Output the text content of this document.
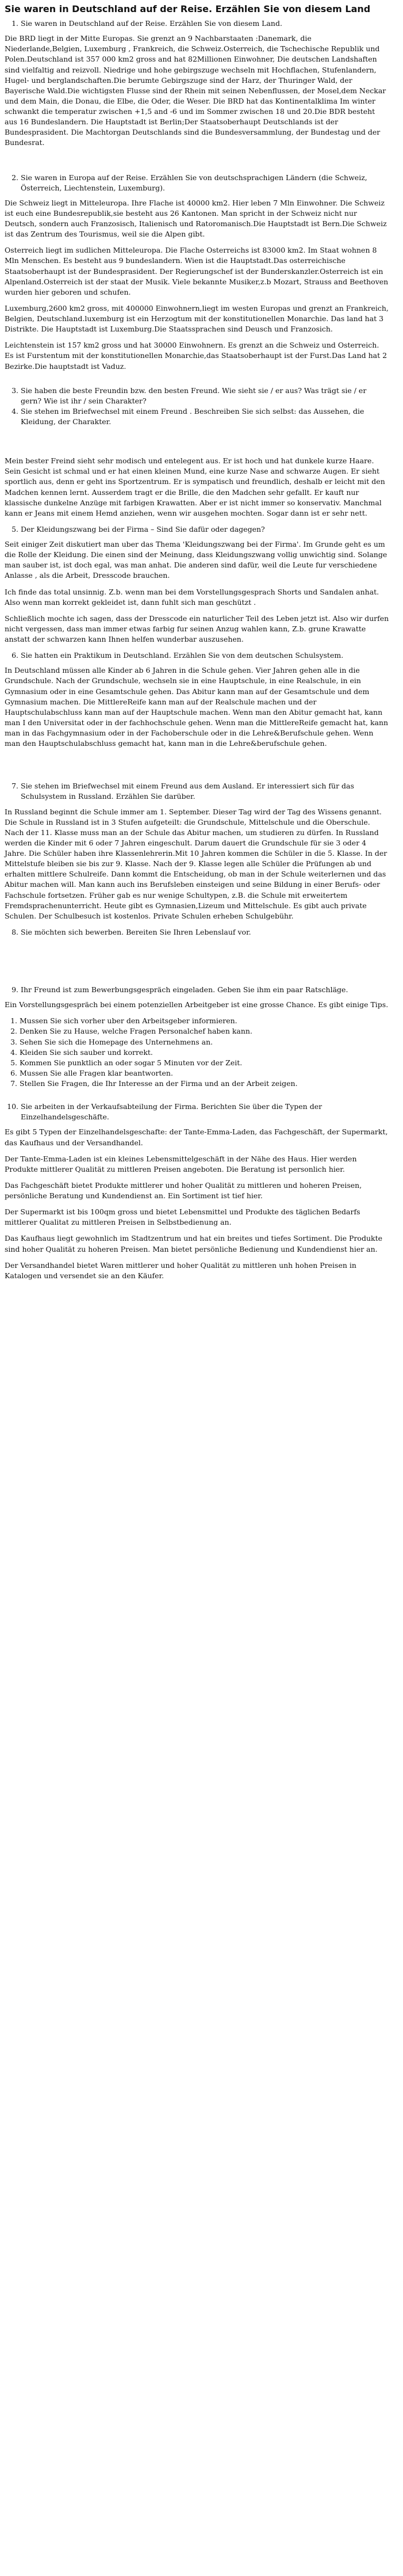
Sie waren in Deutschland auf der Reise. Erzählen Sie von diesem Land
1. Sie waren in Deutschland auf der Reise. Erzählen Sie von diesem Land.

Die BRD liegt in der Mitte Europas. Sie grenzt an 9 Nachbarstaaten :Danemark, die Niederlande,Belgien, Luxemburg , Frankreich, die Schweiz.Osterreich, die Tschechische Republik und Polen.Deutschland ist 357 000 km2 gross and hat 82Millionen Einwohner, Die deutschen Landshaften sind vielfaltig and reizvoll. Niedrige und hohe gebirgszuge wechseln mit Hochflachen, Stufenlandern, Hugel- und berglandschaften.Die berumte Gebirgszuge sind der Harz, der Thuringer Wald, der Bayerische Wald.Die wichtigsten Flusse sind der Rhein mit seinen Nebenflussen, der Mosel,dem Neckar und dem Main, die Donau, die Elbe, die Oder, die Weser. Die BRD hat das Kontinentalklima Im winter schwankt die temperatur zwischen +1,5 and -6 und im Sommer zwischen 18 und 20.Die BDR besteht aus 16 Bundeslandern. Die Hauptstadt ist Berlin;Der Staatsoberhaupt Deutschlands ist der Bundesprasident. Die Machtorgan Deutschlands sind die Bundesversammlung, der Bundestag und der Bundesrat.

2. Sie waren in Europa auf der Reise. Erzählen Sie von deutschsprachigen Ländern (die Schweiz, Österreich, Liechtenstein, Luxemburg).

Die Schweiz liegt in Mitteleuropa. Ihre Flache ist 40000 km2. Hier leben 7 Mln Einwohner. Die Schweiz ist euch eine Bundesrepublik,sie besteht aus 26 Kantonen. Man spricht in der Schweiz nicht nur Deutsch, sondern auch Franzosisch, Italienisch und Ratoromanisch.Die Hauptstadt ist Bern.Die Schweiz ist das Zentrum des Tourismus, weil sie die Alpen gibt.

Osterreich liegt im sudlichen Mitteleuropa. Die Flache Osterreichs ist 83000 km2. Im Staat wohnen 8 Mln Menschen. Es besteht aus 9 bundeslandern. Wien ist die Hauptstadt.Das osterreichische Staatsoberhaupt ist der Bundesprasident. Der Regierungschef ist der Bunderskanzler.Osterreich ist ein Alpenland.Osterreich ist der staat der Musik. Viele bekannte Musiker,z.b Mozart, Strauss and Beethoven wurden hier geboren und schufen.

Luxemburg,2600 km2 gross, mit 400000 Einwohnern,liegt im westen Europas und grenzt an Frankreich, Belgien, Deutschland.luxemburg ist ein Herzogtum mit der konstitutionellen Monarchie. Das land hat 3 Distrikte. Die Hauptstadt ist Luxemburg.Die Staatssprachen sind Deusch und Franzosich.

Leichtenstein ist 157 km2 gross und hat 30000 Einwohnern. Es grenzt an die Schweiz und Osterreich. Es ist Furstentum mit der konstitutionellen Monarchie,das Staatsoberhaupt ist der Furst.Das Land hat 2 Bezirke.Die hauptstadt ist Vaduz.

3. Sie haben die beste Freundin bzw. den besten Freund. Wie sieht sie / er aus? Was trägt sie / er gern? Wie ist ihr / sein Charakter?
4. Sie stehen im Briefwechsel mit einem Freund . Beschreiben Sie sich selbst: das Aussehen, die Kleidung, der Charakter.

Mein bester Freind sieht sehr modisch und entelegent aus. Er ist hoch und hat dunkele kurze Haare. Sein Gesicht ist schmal und er hat einen kleinen Mund, eine kurze Nase and schwarze Augen. Er sieht sportlich aus, denn er geht ins Sportzentrum. Er is sympatisch und freundlich, deshalb er leicht mit den Madchen kennen lernt. Ausserdem tragt er die Brille, die den Madchen sehr gefallt. Er kauft nur klassische dunkelne Anzüge mit farbigen Krawatten. Aber er ist nicht immer so konservativ. Manchmal kann er Jeans mit einem Hemd anziehen, wenn wir ausgehen mochten. Sogar dann ist er sehr nett.

5. Der Kleidungszwang bei der Firma – Sind Sie dafür oder dagegen?

Seit einiger Zeit diskutiert man uber das Thema 'Kleidungszwang bei der Firma'. Im Grunde geht es um die Rolle der Kleidung. Die einen sind der Meinung, dass Kleidungszwang vollig unwichtig sind. Solange man sauber ist, ist doch egal, was man anhat. Die anderen sind dafür, weil die Leute fur verschiedene Anlasse , als die Arbeit, Dresscode brauchen.

Ich finde das total unsinnig. Z.b. wenn man bei dem Vorstellungsgesprach Shorts und Sandalen anhat. Also wenn man korrekt gekleidet ist, dann fuhlt sich man geschützt .

Schließlich mochte ich sagen, dass der Dresscode ein naturlicher Teil des Leben jetzt ist. Also wir durfen nicht vergessen, dass man immer etwas farbig fur seinen Anzug wahlen kann, Z.b. grune Krawatte anstatt der schwarzen kann Ihnen helfen wunderbar auszusehen.

6. Sie hatten ein Praktikum in Deutschland. Erzählen Sie von dem deutschen Schulsystem.

In Deutschland müssen alle Kinder ab 6 Jahren in die Schule gehen. Vier Jahren gehen alle in die Grundschule. Nach der Grundschule, wechseln sie in eine Hauptschule, in eine Realschule, in ein Gymnasium oder in eine Gesamtschule gehen. Das Abitur kann man auf der Gesamtschule und dem Gymnasium machen. Die MittlereReife kann man auf der Realschule machen und der Hauptschulabschluss kann man auf der Hauptschule machen. Wenn man den Abitur gemacht hat, kann man I den Universitat oder in der fachhochschule gehen. Wenn man die MittlereReife gemacht hat, kann man in das Fachgymnasium oder in der Fachoberschule oder in die Lehre&Berufschule gehen. Wenn man den Hauptschulabschluss gemacht hat, kann man in die Lehre&berufschule gehen.

7. Sie stehen im Briefwechsel mit einem Freund aus dem Ausland. Er interessiert sich für das Schulsystem in Russland. Erzählen Sie darüber.

In Russland beginnt die Schule immer am 1. September. Dieser Tag wird der Tag des Wissens genannt. Die Schule in Russland ist in 3 Stufen aufgeteilt: die Grundschule, Mittelschule und die Oberschule. Nach der 11. Klasse muss man an der Schule das Abitur machen, um studieren zu dürfen. In Russland werden die Kinder mit 6 oder 7 Jahren eingeschult. Darum dauert die Grundschule für sie 3 oder 4 Jahre. Die Schüler haben ihre Klassenlehrerin.Mit 10 Jahren kommen die Schüler in die 5. Klasse. In der Mittelstufe bleiben sie bis zur 9. Klasse. Nach der 9. Klasse legen alle Schüler die Prüfungen ab und erhalten mittlere Schulreife. Dann kommt die Entscheidung, ob man in der Schule weiterlernen und das Abitur machen will. Man kann auch ins Berufsleben einsteigen und seine Bildung in einer Berufs- oder Fachschule fortsetzen. Früher gab es nur wenige Schultypen, z.B. die Schule mit erweitertem Fremdsprachenunterricht. Heute gibt es Gymnasien,Lizeum und Mittelschule. Es gibt auch private Schulen. Der Schulbesuch ist kostenlos. Private Schulen erheben Schulgebühr.

8. Sie möchten sich bewerben. Bereiten Sie Ihren Lebenslauf vor.
9. Ihr Freund ist zum Bewerbungsgespräch eingeladen. Geben Sie ihm ein paar Ratschläge.

Ein Vorstellungsgespräch bei einem potenziellen Arbeitgeber ist eine grosse Chance. Es gibt einige Tips.

1. Mussen Sie sich vorher uber den Arbeitsgeber informieren.
2. Denken Sie zu Hause, welche Fragen Personalchef haben kann.
3. Sehen Sie sich die Homepage des Unternehmens an.
4. Kleiden Sie sich sauber und korrekt.
5. Kommen Sie punktlich an oder sogar 5 Minuten vor der Zeit.
6. Mussen Sie alle Fragen klar beantworten.
7. Stellen Sie Fragen, die Ihr Interesse an der Firma und an der Arbeit zeigen.
10. Sie arbeiten in der Verkaufsabteilung der Firma. Berichten Sie über die Typen der Einzelhandelsgeschäfte.

Es gibt 5 Typen der Einzelhandelsgeschafte: der Tante-Emma-Laden, das Fachgeschäft, der Supermarkt, das Kaufhaus und der Versandhandel.

Der Tante-Emma-Laden ist ein kleines Lebensmittelgeschäft in der Nähe des Haus. Hier werden Produkte mittlerer Qualität zu mittleren Preisen angeboten. Die Beratung ist personlich hier.

Das Fachgeschäft bietet Produkte mittlerer und hoher Qualität zu mittleren und hoheren Preisen, persönliche Beratung und Kundendienst an. Ein Sortiment ist tief hier.

Der Supermarkt ist bis 100qm gross und bietet Lebensmittel und Produkte des täglichen Bedarfs mittlerer Qualitat zu mittleren Preisen in Selbstbedienung an.

Das Kaufhaus liegt gewohnlich im Stadtzentrum und hat ein breites und tiefes Sortiment. Die Produkte sind hoher Qualität zu hoheren Preisen. Man bietet persönliche Bedienung und Kundendienst hier an.

Der Versandhandel bietet Waren mittlerer und hoher Qualität zu mittleren unh hohen Preisen in Katalogen und versendet sie an den Käufer.
